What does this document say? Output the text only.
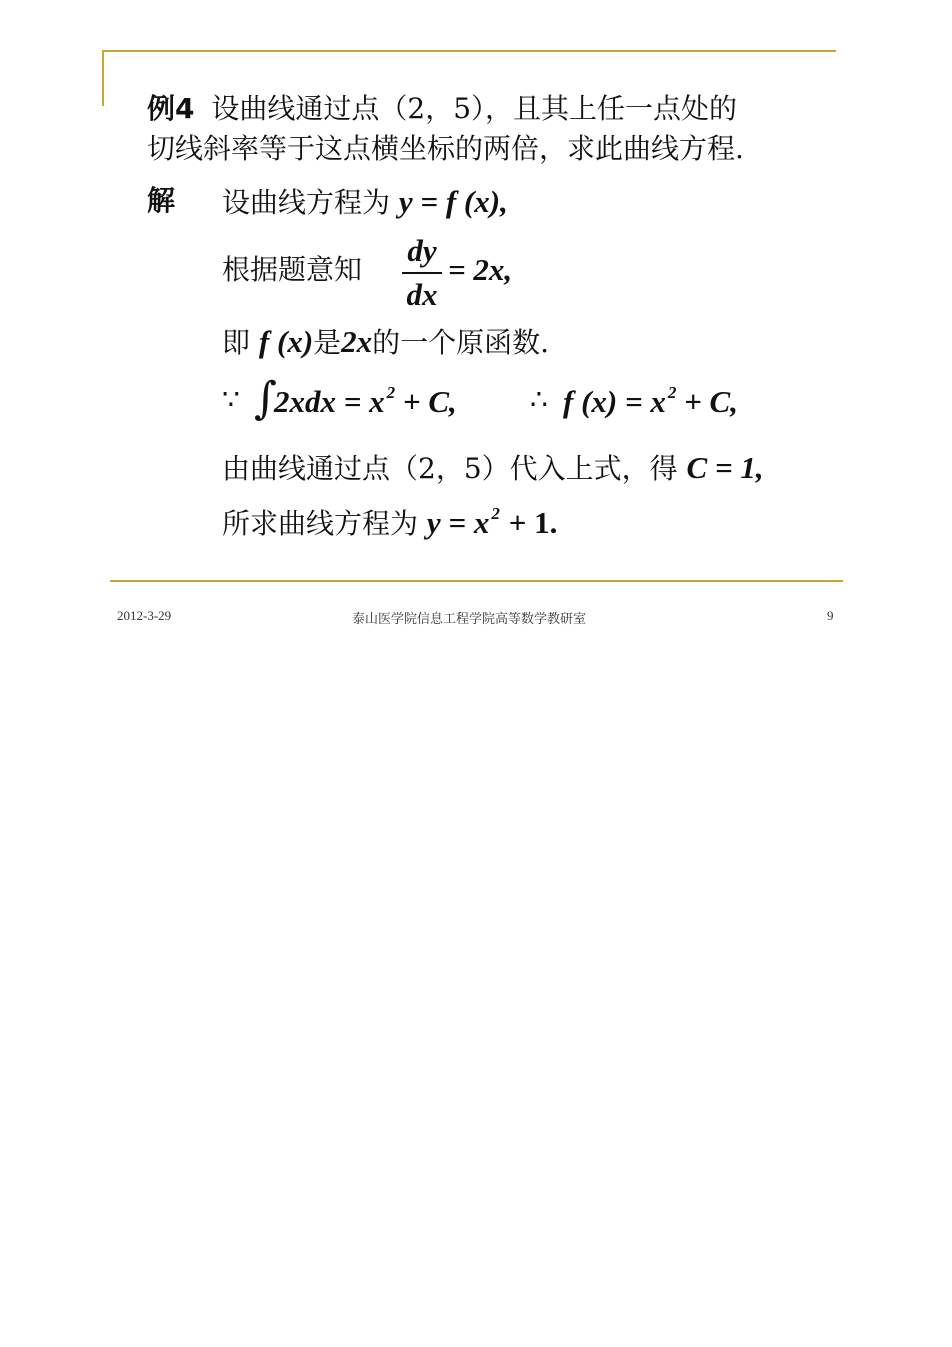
例4 设曲线通过点（2，5），且其上任一点处的
切线斜率等于这点横坐标的两倍，求此曲线方程.
解 设曲线方程为 y = f (x),
根据题意知
dy
dx
= 2x,
即 f (x)是2x的一个原函数.
∵ ∫
2xdx = x $^2$ + C,	∴ f (x) = x $^2$ + C,
由曲线通过点（2，5）代入上式，得 C = 1,
所求曲线方程为 y = x $^2$ + 1.
2012-3-29	泰山医学院信息工程学院高等数学教研室	9
